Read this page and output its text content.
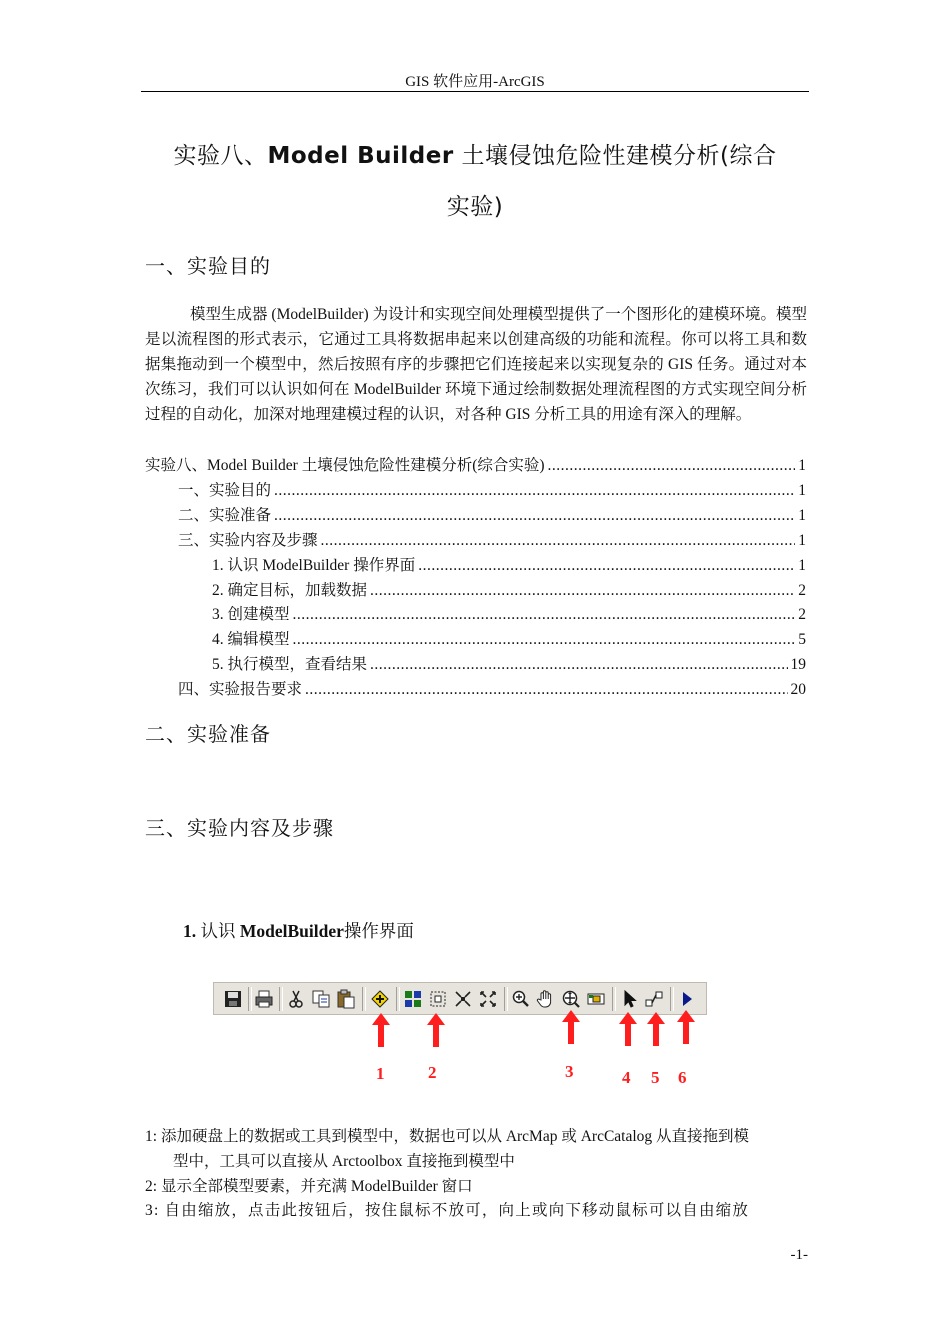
GIS 软件应用-ArcGIS
实验八、Model Builder 土壤侵蚀危险性建模分析(综合
实验)
一、实验目的

模型生成器 (ModelBuilder) 为设计和实现空间处理模型提供了一个图形化的建模环境。模型是以流程图的形式表示，它通过工具将数据串起来以创建高级的功能和流程。你可以将工具和数据集拖动到一个模型中，然后按照有序的步骤把它们连接起来以实现复杂的 GIS 任务。通过对本次练习，我们可以认识如何在 ModelBuilder 环境下通过绘制数据处理流程图的方式实现空间分析过程的自动化，加深对地理建模过程的认识，对各种 GIS 分析工具的用途有深入的理解。

实验八、Model Builder 土壤侵蚀危险性建模分析(综合实验) .....	1
一、实验目的 .....	1
二、实验准备 .....	1
三、实验内容及步骤 .....	1
1. 认识 ModelBuilder 操作界面 .....	1
2. 确定目标，加载数据 .....	2
3. 创建模型 .....	2
4. 编辑模型 .....	5
5. 执行模型，查看结果 .....	19
四、实验报告要求 .....	20
二、实验准备
三、实验内容及步骤
1. 认识 ModelBuilder操作界面
1	2	3	4 5 6
1: 添加硬盘上的数据或工具到模型中，数据也可以从 ArcMap 或 ArcCatalog 从直接拖到模
型中，工具可以直接从 Arctoolbox 直接拖到模型中
2: 显示全部模型要素，并充满 ModelBuilder 窗口
3: 自由缩放，点击此按钮后，按住鼠标不放可，向上或向下移动鼠标可以自由缩放
-1-
